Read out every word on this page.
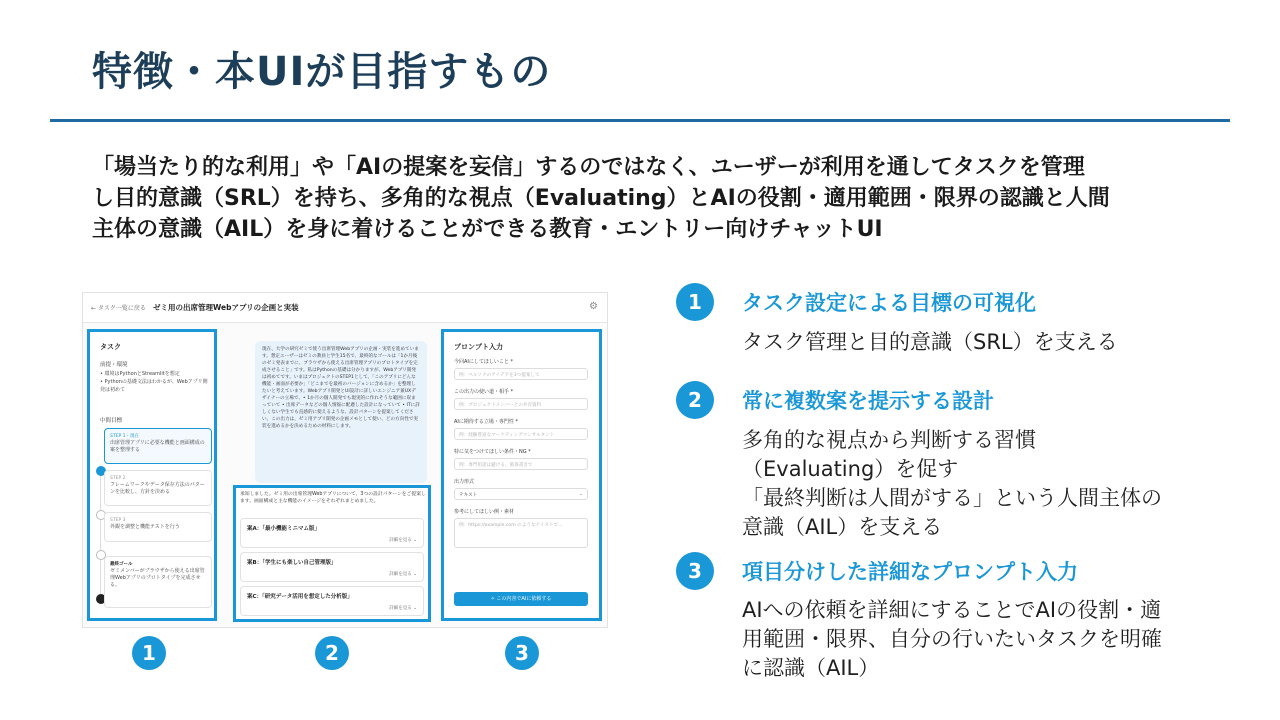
特徴・本UIが目指すもの
「場当たり的な利用」や「AIの提案を妄信」するのではなく、ユーザーが利用を通してタスクを管理
し目的意識（SRL）を持ち、多角的な視点（Evaluating）とAIの役割・適用範囲・限界の認識と人間
主体の意識（AIL）を身に着けることができる教育・エントリー向けチャットUI
← タスク一覧に戻る ゼミ用の出席管理Webアプリの企画と実装	⚙
タスク
前提・環境
• 環境はPythonとStreamlitを想定
• Pythonの基礎文法はわかるが、Webアプリ開発は初めて
中間目標
STEP 1・現在
出席管理アプリに必要な機能と画面構成の案を整理する
STEP 2
フレームワークやデータ保存方法のパターンを比較し、方針を決める
STEP 3
外観を調整と機能テストを行う
最終ゴール
ゼミメンバーがブラウザから使える出席管理Webアプリのプロトタイプを完成させる。
現在、大学の研究ゼミで使う出席管理Webアプリの企画・実装を進めています。想定ユーザーはゼミの教員と学生15名で、最終的なゴールは「1か月後のゼミ発表までに、ブラウザから使える出席管理アプリのプロトタイプを完成させること」です。私はPythonの基礎は分かりますが、Webアプリ開発は初めてです。いまはプロジェクトのSTEP1として、「このアプリにどんな機能・画面が必要か」「どこまでを最初のバージョンに含めるか」を整理したいと考えています。Webアプリ開発とUI設計に詳しいエンジニア兼UXデザイナーの立場で、• 1か月の個人開発でも現実的に作れそうな範囲に収まっていて • 出席データなどの個人情報に配慮した設計になっていて • ITに詳しくない学生でも直感的に使えるような、設計パターンを提案してください。この出力は、ゼミ用アプリ開発の企画メモとして使い、どの方向性で実装を進めるかを決めるための材料にします。
承知しました。ゼミ用の出席管理Webアプリについて、3つの設計パターンをご提案します。画面構成と主な機能のイメージをそれぞれまとめました。
案A：「最小機能ミニマム版」
詳細を見る ⌄
案B：「学生にも楽しい自己管理版」
詳細を見る ⌄
案C：「研究データ活用を想定した分析版」
詳細を見る ⌄
プロンプト入力
今回AIにしてほしいこと *
例：ペルソナのアイデアを3つ提案して
この出力の使い道・相手 *
例：プロジェクトメンバーとの共有資料
AIに期待する立場・専門性 *
例：経験豊富なマーケティングコンサルタント
特に気をつけてほしい条件・NG *
例：専門用語は避ける、箇条書きで
出力形式
テキスト	⌄
参考にしてほしい例・素材
例：https://example.com のようなテイストで...
✧ この内容でAIに依頼する
1	2	3
1	タスク設定による目標の可視化
タスク管理と目的意識（SRL）を支える
2	常に複数案を提示する設計
多角的な視点から判断する習慣
（Evaluating）を促す
「最終判断は人間がする」という人間主体の
意識（AIL）を支える
3	項目分けした詳細なプロンプト入力
AIへの依頼を詳細にすることでAIの役割・適
用範囲・限界、自分の行いたいタスクを明確
に認識（AIL）
